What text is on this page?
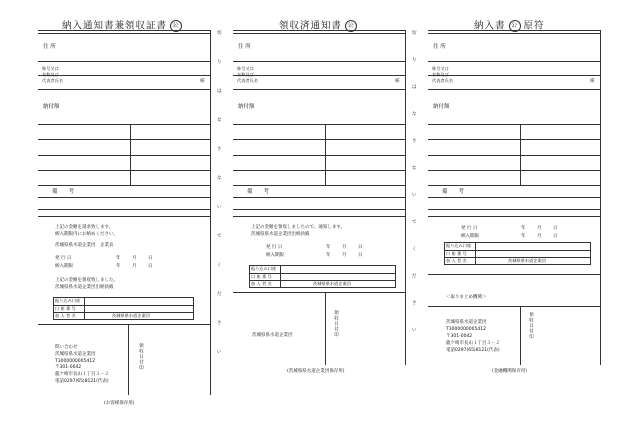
納入通知書兼領収証書 公
住 所
称号又は
名称及び
代表者氏名	様
納付額
備　　考
上記の金額を請求致します。
納入期限内にお納めください。
茨城県県水道企業団　企業長
発 行 日	年	月	日
納入期限	年	月	日
上記の金額を領収致しました。
茨城県県水道企業団出納員殿
振り込み口座
口 座 番 号
加 入 者 名	茨城県県水道企業団
問い合わせ
茨城県県水道企業団
T3000000005412
〒301-0042
龍ケ崎市長山１丁目３－２
電話0297(65)8121(代表)
領収日付印
(お客様保存用)
切
り
は
な
さ
な
い
で
く
だ
さ
い
領収済通知書 公
住 所
称号又は
名称及び
代表者氏名	様
納付額
備　　考
上記の金額を領収しましたので、通知します。
茨城県県水道企業団出納員殿
発 行 日	年	月	日
納入期限	年	月	日
振り込み口座
口 座 番 号
加 入 者 名	茨城県県水道企業団
茨城県県水道企業団	領収日付印
(茨城県県水道企業団保存用)
切
り
は
な
さ
な
い
で
く
だ
さ
い
納入書 公 原符
住 所
称号又は
名称及び
代表者氏名	様
納付額
備　　考
発 行 日	年	月	日
納入期限	年	月	日
振り込み口座
口 座 番 号
加 入 者 名	茨城県県水道企業団
＜取りまとめ機関＞
茨城県県水道企業団
T3000000005412
〒301-0042
龍ケ崎市長山１丁目３－２
電話0297(65)8121(代表)
領収日付印
(金融機関保存用)
